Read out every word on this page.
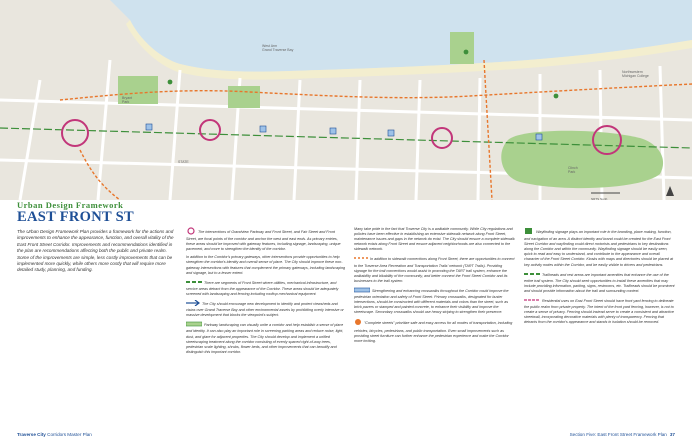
West Arm
Grand Traverse Bay
Bryant
Park
Northwestern
Michigan College
STATE
Clinch
Park
NRTS North
Urban Design Framework
EAST FRONT ST
The Urban Design Framework Plan provides a framework for the actions and improvements to enhance the appearance, function, and overall vitality of the East Front Street Corridor. Improvements and recommendations identified in the plan are recommendations affecting both the public and private realm. Some of the improvements are simple, less costly improvements that can be implemented more quickly, while others more costly that will require more detailed study, planning, and funding.
The intersections of Grandview Parkway and Front Street, and Fair Street and Front Street, are focal points of the corridor and anchor the west and east ends. As primary entries, these areas should be improved with gateway features, including signage, landscaping, unique pavement, and more to strengthen the identity of the corridor.
In addition to the Corridor's primary gateways, other intersections provide opportunities to help strengthen the corridor's identity and overall sense of place. The City should improve these non-gateway intersections with features that complement the primary gateways, including landscaping and signage, but to a lesser extent.
There are segments of Front Street where utilities, mechanical infrastructure, and service areas detract from the appearance of the Corridor. These areas should be adequately screened with landscaping and fencing including rooftop mechanical equipment.
The City should encourage new development to identify and protect viewsheds and vistas over Grand Traverse Bay and other environmental assets by prohibiting overly intensive or massive development that blocks the viewpoint's subject.
Parkway landscaping can visually unite a corridor and help establish a sense of place and identity. It can also play an important role in screening parking areas and reduce noise, light, dust, and glare for adjacent properties. The City should develop and implement a unified streetscaping treatment along the corridor consisting of evenly spaced right-of-way trees, pedestrian scale lighting, shrubs, flower beds, and other improvements that can beautify and distinguish this important corridor.
Many take pride in the fact that Traverse City is a walkable community. While City regulations and policies have been effective in establishing an extensive sidewalk network along Front Street, maintenance issues and gaps in the network do exist. The City should ensure a complete sidewalk network exists along Front Street and ensure adjacent neighborhoods are also connected to the sidewalk network.
In addition to sidewalk connections along Front Street, there are opportunities to connect to the Traverse Area Recreation and Transportation Trails' network (TART Trails). Providing signage for the trail connections would assist in promoting the TART trail system, enhance the walkability and bikability of the community, and better connect the Front Street Corridor and its businesses to the trail system.
Strengthening and enhancing crosswalks throughout the Corridor could improve the pedestrian orientation and safety of Front Street. Primary crosswalks, designated for busier intersections, should be constructed with different materials and colors than the street, such as brick pavers or stamped and painted concrete, to enhance their visibility and improve the streetscape. Secondary crosswalks should use heavy striping to strengthen their presence.
"Complete streets" prioritize safe and easy access for all modes of transportation, including vehicles, bicycles, pedestrians, and public transportation. Even small improvements such as providing street furniture can further enhance the pedestrian experience and make the Corridor more inviting.
Wayfinding signage plays an important role in the branding, place making, function, and navigation of an area. A distinct identity and brand could be created for the East Front Street Corridor and wayfinding could direct motorists and pedestrians to key destinations along the Corridor and within the community. Wayfinding signage should be easily seen, quick to read and easy to understand, and contribute to the appearance and overall character of the Front Street Corridor. Kiosks with maps and directories should be placed at key activity nodes within the Corridor, and be easily visible to drivers and pedestrians.
Trailheads and rest areas are important amenities that enhance the use of the entire trail system. The City should seek opportunities to install these amenities that may include providing information, parking, signs, restrooms, etc. Trailheads should be prominent and should provide information about the trail and surrounding context.
Residential uses on East Front Street should have front yard fencing to delineate the public realm from private property. The intent of the front yard fencing, however, is not to create a sense of privacy. Fencing should instead serve to create a consistent and attractive streetwall, incorporating decorative materials with plenty of transparency. Fencing that detracts from the corridor's appearance and stands in isolation should be removed.
Traverse City Corridors Master Plan	Section Five: East Front Street Framework Plan 37
